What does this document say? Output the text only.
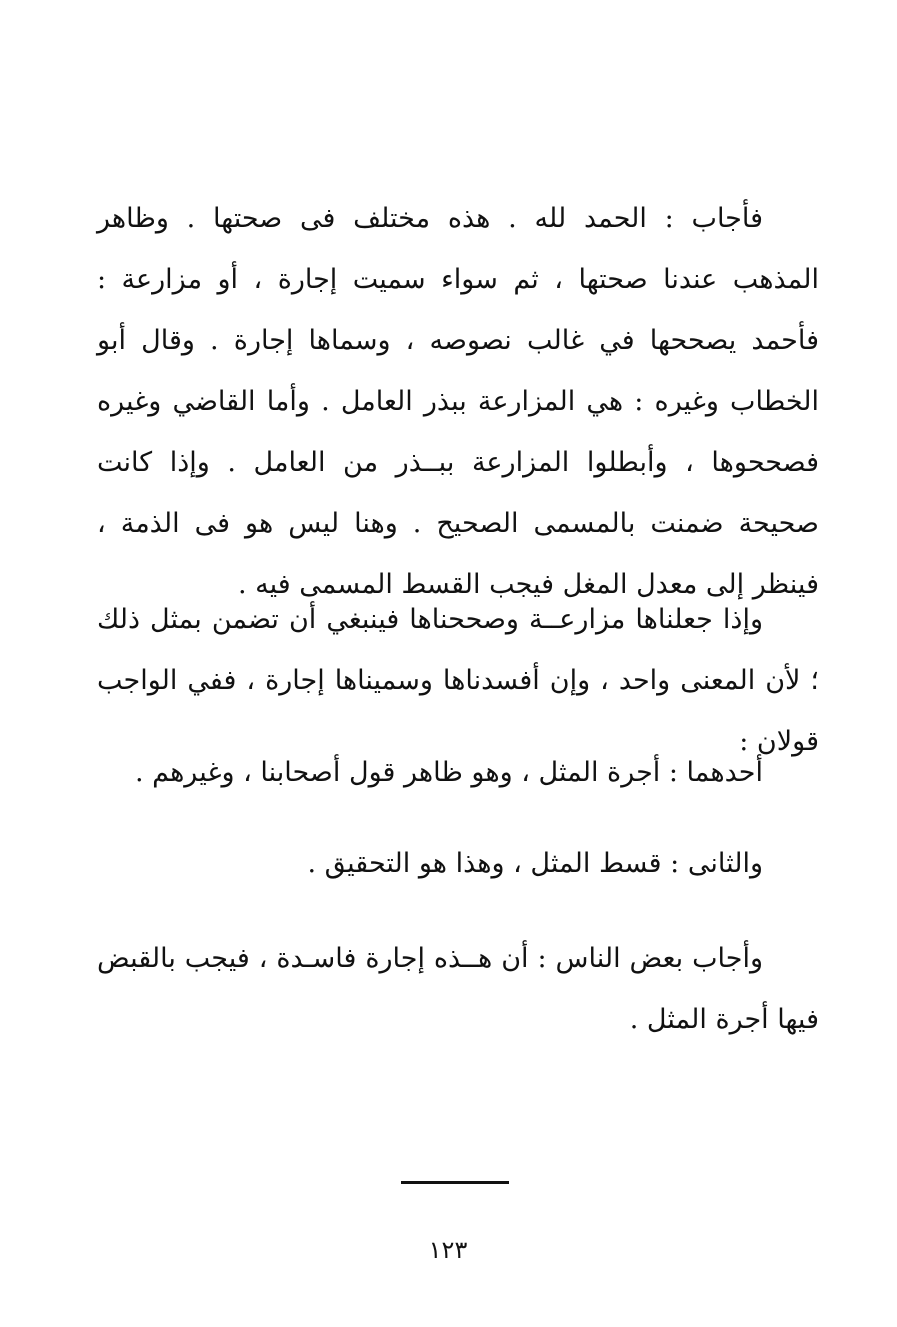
فأجاب : الحمد لله . هذه مختلف فى صحتها . وظاهر المذهب عندنا صحتها ، ثم سواء سميت إجارة ، أو مزارعة : فأحمد يصححها في غالب نصوصه ، وسماها إجارة . وقال أبو الخطاب وغيره : هي المزارعة ببذر العامل . وأما القاضي وغيره فصححوها ، وأبطلوا المزارعة ببــذر من العامل . وإذا كانت صحيحة ضمنت بالمسمى الصحيح . وهنا ليس هو فى الذمة ، فينظر إلى معدل المغل فيجب القسط المسمى فيه .

وإذا جعلناها مزارعــة وصححناها فينبغي أن تضمن بمثل ذلك ؛ لأن المعنى واحد ، وإن أفسدناها وسميناها إجارة ، ففي الواجب قولان :

أحدهما : أجرة المثل ، وهو ظاهر قول أصحابنا ، وغيرهم .

والثانى : قسط المثل ، وهذا هو التحقيق .

وأجاب بعض الناس : أن هــذه إجارة فاسـدة ، فيجب بالقبض فيها أجرة المثل .

١٢٣
